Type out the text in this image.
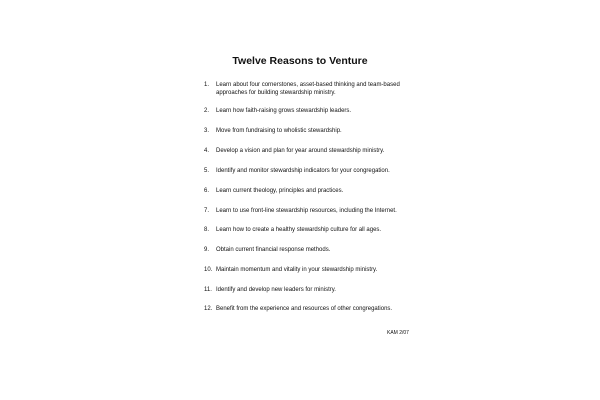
Twelve Reasons to Venture
1.	Learn about four cornerstones, asset-based thinking and team-based approaches for building stewardship ministry.
2.	Learn how faith-raising grows stewardship leaders.
3.	Move from fundraising to wholistic stewardship.
4.	Develop a vision and plan for year around stewardship ministry.
5.	Identify and monitor stewardship indicators for your congregation.
6.	Learn current theology, principles and practices.
7.	Learn to use front-line stewardship resources, including the Internet.
8.	Learn how to create a healthy stewardship culture for all ages.
9.	Obtain current financial response methods.
10. Maintain momentum and vitality in your stewardship ministry.
11. Identify and develop new leaders for ministry.
12. Benefit from the experience and resources of other congregations.
KAM 2/07
